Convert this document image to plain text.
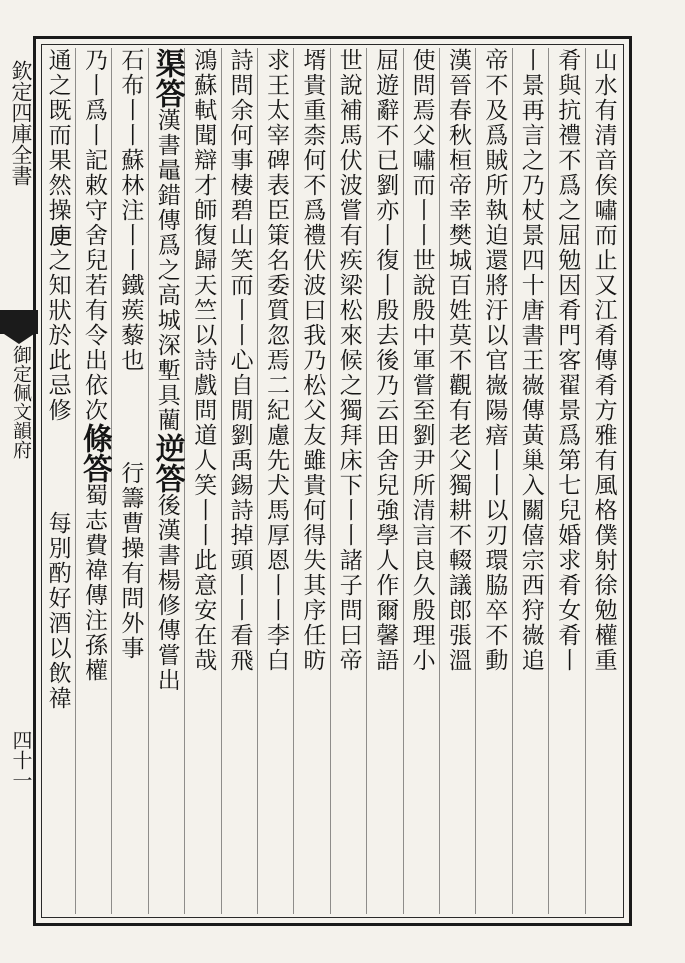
欽定四庫全書
御定佩文韻府
四十一
山水有清音俟嘯而止又江肴傳肴方雅有風格僕射徐勉權重
肴與抗禮不爲之屈勉因肴門客翟景爲第七兒婚求肴女肴丨
丨景再言之乃杖景四十唐書王嶶傳黃巢入關僖宗西狩嶶追
帝不及爲賊所執迫還將汙以官嶶陽瘖丨丨以刃環脇卒不動
漢晉春秋桓帝幸樊城百姓莫不觀有老父獨耕不輟議郎張溫
使問焉父嘯而丨丨世說殷中軍嘗至劉尹所清言良久殷理小
屈遊辭不已劉亦丨復丨殷去後乃云田舍兒強學人作爾馨語
世說補馬伏波嘗有疾梁松來候之獨拜床下丨丨諸子問曰帝
壻貴重柰何不爲禮伏波曰我乃松父友雖貴何得失其序任昉
求王太宰碑表臣䇿名委質忽焉二紀慮先犬馬厚恩丨丨李白
詩問余何事棲碧山笑而丨丨心自閒劉禹錫詩掉頭丨丨看飛
鴻蘇軾聞辯才師復歸天竺以詩戲問道人笑丨丨此意安在哉
渠答漢書鼂錯傳爲之高城深塹具藺逆答後漢書楊修傳嘗出
石布丨丨蘇林注丨丨鐵蒺藜也行籌曹操有問外事
乃丨爲丨記敕守舍兒若有令出依次條答蜀志費禕傳注孫權
通之既而果然操𢈔之知狀於此忌修每別酌好酒以飲禕
